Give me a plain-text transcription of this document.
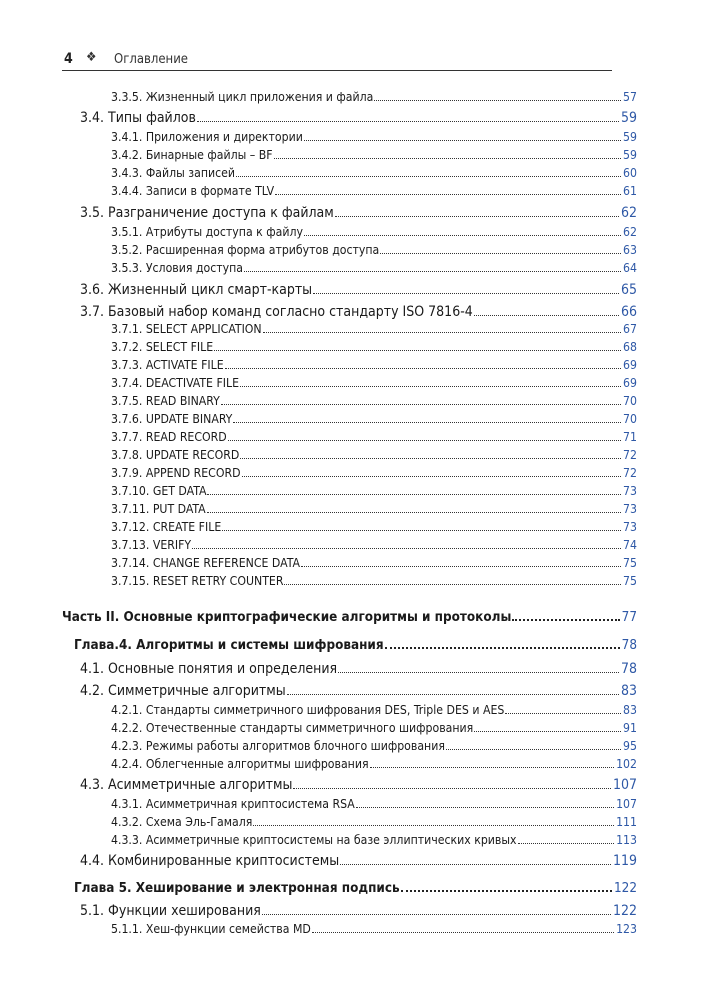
4 ❖ Оглавление
3.3.5. Жизненный цикл приложения и файла	57
3.4. Типы файлов	59
3.4.1. Приложения и директории	59
3.4.2. Бинарные файлы – BF	59
3.4.3. Файлы записей	60
3.4.4. Записи в формате TLV	61
3.5. Разграничение доступа к файлам	62
3.5.1. Атрибуты доступа к файлу	62
3.5.2. Расширенная форма атрибутов доступа	63
3.5.3. Условия доступа	64
3.6. Жизненный цикл смарт-карты	65
3.7. Базовый набор команд согласно стандарту ISO 7816-4	66
3.7.1. SELECT APPLICATION	67
3.7.2. SELECT FILE	68
3.7.3. ACTIVATE FILE	69
3.7.4. DEACTIVATE FILE	69
3.7.5. READ BINARY	70
3.7.6. UPDATE BINARY	70
3.7.7. READ RECORD	71
3.7.8. UPDATE RECORD	72
3.7.9. APPEND RECORD	72
3.7.10. GET DATA	73
3.7.11. PUT DATA	73
3.7.12. CREATE FILE	73
3.7.13. VERIFY	74
3.7.14. CHANGE REFERENCE DATA	75
3.7.15. RESET RETRY COUNTER	75
Часть II. Основные криптографические алгоритмы и протоколы	77
Глава.4. Алгоритмы и системы шифрования	78
4.1. Основные понятия и определения	78
4.2. Симметричные алгоритмы	83
4.2.1. Стандарты симметричного шифрования DES, Triple DES и AES	83
4.2.2. Отечественные стандарты симметричного шифрования	91
4.2.3. Режимы работы алгоритмов блочного шифрования	95
4.2.4. Облегченные алгоритмы шифрования	102
4.3. Асимметричные алгоритмы	107
4.3.1. Асимметричная криптосистема RSA	107
4.3.2. Схема Эль-Гамаля	111
4.3.3. Асимметричные криптосистемы на базе эллиптических кривых	113
4.4. Комбинированные криптосистемы	119
Глава 5. Хеширование и электронная подпись	122
5.1. Функции хеширования	122
5.1.1. Хеш-функции семейства MD	123
